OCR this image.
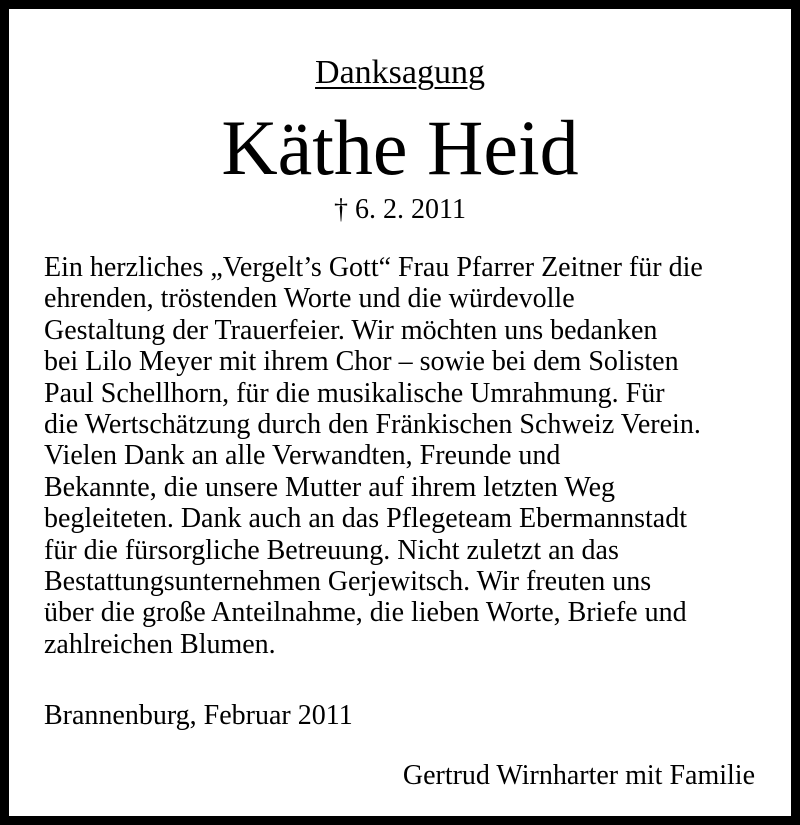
Danksagung
Käthe Heid
† 6. 2. 2011
Ein herzliches „Vergelt’s Gott“ Frau Pfarrer Zeitner für die
ehrenden, tröstenden Worte und die würdevolle
Gestaltung der Trauerfeier. Wir möchten uns bedanken
bei Lilo Meyer mit ihrem Chor – sowie bei dem Solisten
Paul Schellhorn, für die musikalische Umrahmung. Für
die Wertschätzung durch den Fränkischen Schweiz Verein.
Vielen Dank an alle Verwandten, Freunde und
Bekannte, die unsere Mutter auf ihrem letzten Weg
begleiteten. Dank auch an das Pflegeteam Ebermannstadt
für die fürsorgliche Betreuung. Nicht zuletzt an das
Bestattungsunternehmen Gerjewitsch. Wir freuten uns
über die große Anteilnahme, die lieben Worte, Briefe und
zahlreichen Blumen.
Brannenburg, Februar 2011
Gertrud Wirnharter mit Familie
